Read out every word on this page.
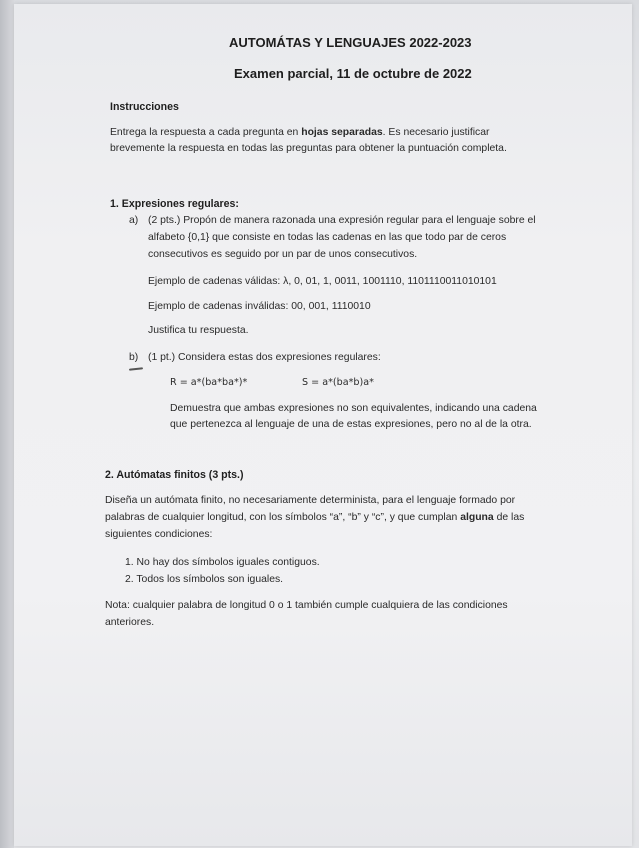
AUTOMÁTAS Y LENGUAJES 2022-2023
Examen parcial, 11 de octubre de 2022
Instrucciones
Entrega la respuesta a cada pregunta en hojas separadas. Es necesario justificar
brevemente la respuesta en todas las preguntas para obtener la puntuación completa.
1. Expresiones regulares:
a) (2 pts.) Propón de manera razonada una expresión regular para el lenguaje sobre el
alfabeto {0,1} que consiste en todas las cadenas en las que todo par de ceros
consecutivos es seguido por un par de unos consecutivos.
Ejemplo de cadenas válidas: λ, 0, 01, 1, 0011, 1001110, 1101110011010101
Ejemplo de cadenas inválidas: 00, 001, 1110010
Justifica tu respuesta.
b) (1 pt.) Considera estas dos expresiones regulares:
R = a*(ba*ba*)*	S = a*(ba*b)a*
Demuestra que ambas expresiones no son equivalentes, indicando una cadena
que pertenezca al lenguaje de una de estas expresiones, pero no al de la otra.
2. Autómatas finitos (3 pts.)
Diseña un autómata finito, no necesariamente determinista, para el lenguaje formado por
palabras de cualquier longitud, con los símbolos “a”, “b” y “c”, y que cumplan alguna de las
siguientes condiciones:
1. No hay dos símbolos iguales contiguos.
2. Todos los símbolos son iguales.
Nota: cualquier palabra de longitud 0 o 1 también cumple cualquiera de las condiciones
anteriores.
